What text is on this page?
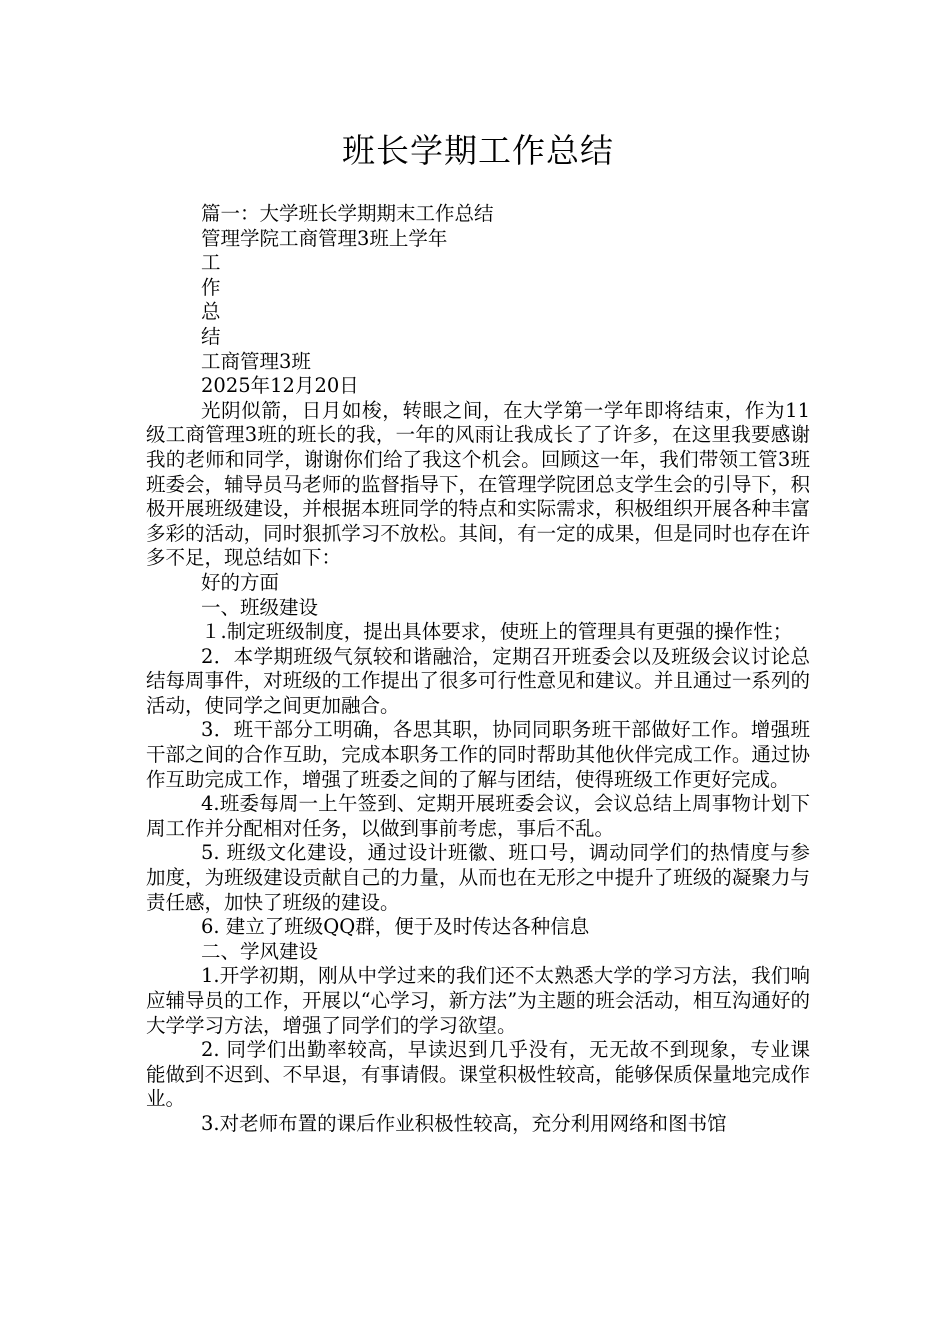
班长学期工作总结

篇一：大学班长学期期末工作总结

管理学院工商管理3班上学年

工

作

总

结

工商管理3班

2025年12月20日

光阴似箭，日月如梭，转眼之间，在大学第一学年即将结束，作为11级工商管理3班的班长的我，一年的风雨让我成长了了许多，在这里我要感谢我的老师和同学，谢谢你们给了我这个机会。回顾这一年，我们带领工管3班班委会，辅导员马老师的监督指导下，在管理学院团总支学生会的引导下，积极开展班级建设，并根据本班同学的特点和实际需求，积极组织开展各种丰富多彩的活动，同时狠抓学习不放松。其间，有一定的成果，但是同时也存在许多不足，现总结如下：

好的方面

一、班级建设

１.制定班级制度，提出具体要求，使班上的管理具有更强的操作性；

2．本学期班级气氛较和谐融洽，定期召开班委会以及班级会议讨论总结每周事件，对班级的工作提出了很多可行性意见和建议。并且通过一系列的活动，使同学之间更加融合。

3．班干部分工明确，各思其职，协同同职务班干部做好工作。增强班干部之间的合作互助，完成本职务工作的同时帮助其他伙伴完成工作。通过协作互助完成工作，增强了班委之间的了解与团结，使得班级工作更好完成。

4.班委每周一上午签到、定期开展班委会议，会议总结上周事物计划下周工作并分配相对任务，以做到事前考虑，事后不乱。

5. 班级文化建设，通过设计班徽、班口号，调动同学们的热情度与参加度，为班级建设贡献自己的力量，从而也在无形之中提升了班级的凝聚力与责任感，加快了班级的建设。

6. 建立了班级QQ群，便于及时传达各种信息

二、学风建设

1.开学初期，刚从中学过来的我们还不太熟悉大学的学习方法，我们响应辅导员的工作，开展以“心学习，新方法”为主题的班会活动，相互沟通好的大学学习方法，增强了同学们的学习欲望。

2. 同学们出勤率较高，早读迟到几乎没有，无无故不到现象，专业课能做到不迟到、不早退，有事请假。课堂积极性较高，能够保质保量地完成作业。

3.对老师布置的课后作业积极性较高，充分利用网络和图书馆
